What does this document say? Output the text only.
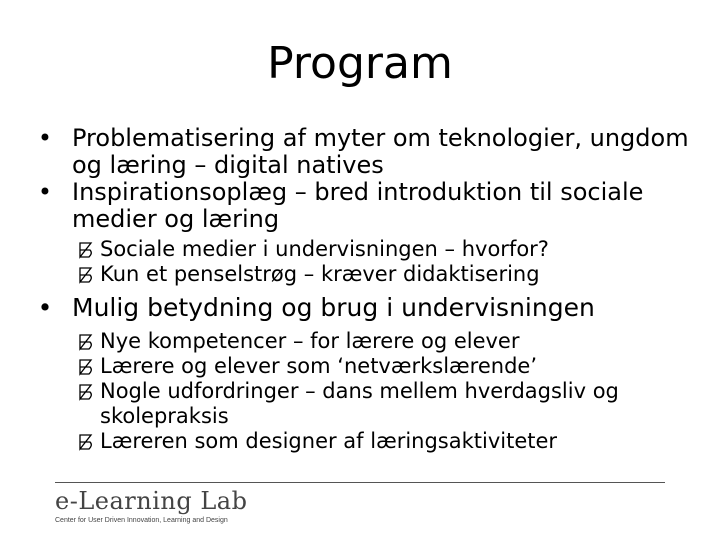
Program
• Problematisering af myter om teknologier, ungdom og læring – digital natives
• Inspirationsoplæg – bred introduktion til sociale medier og læring
Sociale medier i undervisningen – hvorfor?
Kun et penselstrøg – kræver didaktisering
• Mulig betydning og brug i undervisningen
Nye kompetencer – for lærere og elever
Lærere og elever som ‘netværkslærende’
Nogle udfordringer – dans mellem hverdagsliv og skolepraksis
Læreren som designer af læringsaktiviteter
e-Learning Lab
Center for User Driven Innovation, Learning and Design
